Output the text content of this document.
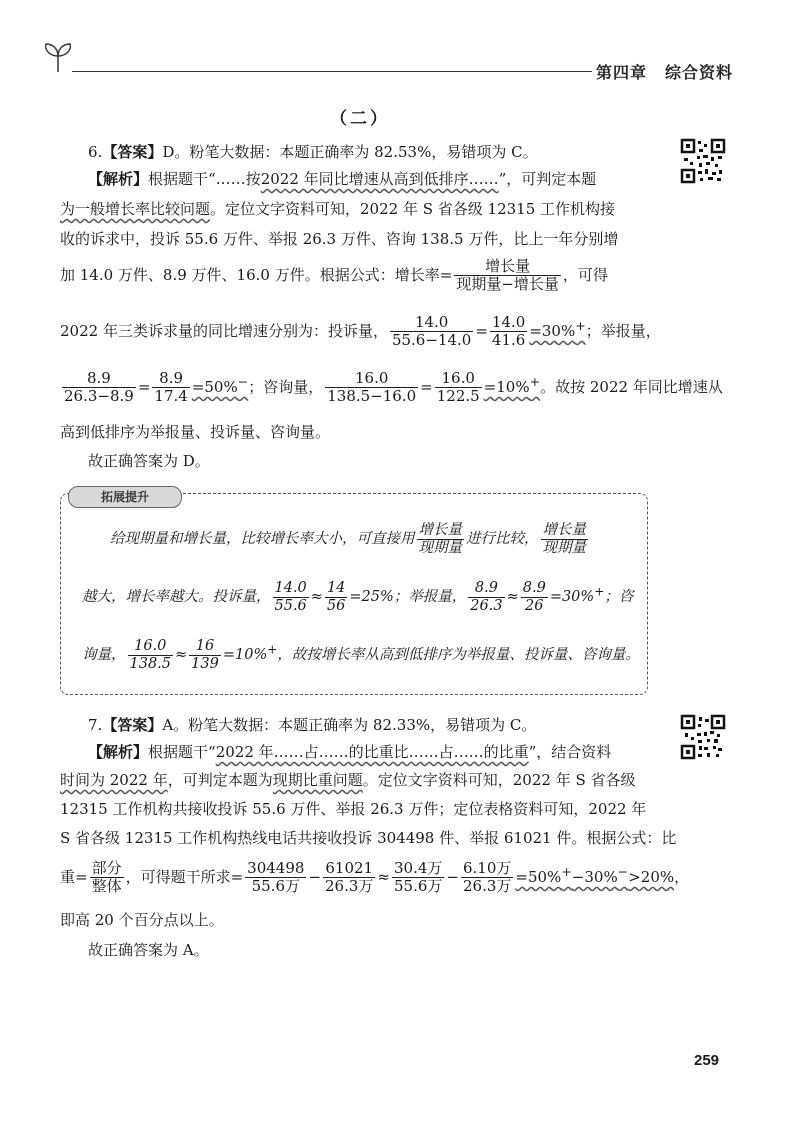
第四章 综合资料
（二）
6.【答案】D。粉笔大数据：本题正确率为 82.53%，易错项为 C。
【解析】根据题干“……按2022 年同比增速从高到低排序……”，可判定本题
为一般增长率比较问题。定位文字资料可知，2022 年 S 省各级 12315 工作机构接
收的诉求中，投诉 55.6 万件、举报 26.3 万件、咨询 138.5 万件，比上一年分别增
加 14.0 万件、8.9 万件、16.0 万件。根据公式：增长率= $\frac{\text{增长量}}{\text{现期量−增长量}}$ ，可得
2022 年三类诉求量的同比增速分别为：投诉量， $\frac{14.0}{55.6-14.0} = \frac{14.0}{41.6} =30\%^+$；举报量，
$\frac{8.9}{26.3-8.9} = \frac{8.9}{17.4} =50\%^-$；咨询量， $\frac{16.0}{138.5-16.0} = \frac{16.0}{122.5} =10\%^+$。故按 2022 年同比增速从
高到低排序为举报量、投诉量、咨询量。
故正确答案为 D。
拓展提升
给现期量和增长量，比较增长率大小，可直接用 $\frac{\text{增长量}}{\text{现期量}}$ 进行比较， $\frac{\text{增长量}}{\text{现期量}}$
越大，增长率越大。投诉量， $\frac{14.0}{55.6} \approx \frac{14}{56} =25\%$；举报量， $\frac{8.9}{26.3} \approx \frac{8.9}{26} =30\%^+$；咨
询量， $\frac{16.0}{138.5} \approx \frac{16}{139} =10\%^+$，故按增长率从高到低排序为举报量、投诉量、咨询量。
7.【答案】A。粉笔大数据：本题正确率为 82.33%，易错项为 C。
【解析】根据题干“2022 年……占……的比重比……占……的比重”，结合资料
时间为 2022 年，可判定本题为现期比重问题。定位文字资料可知，2022 年 S 省各级
12315 工作机构共接收投诉 55.6 万件、举报 26.3 万件；定位表格资料可知，2022 年
S 省各级 12315 工作机构热线电话共接收投诉 304498 件、举报 61021 件。根据公式：比
重= $\frac{\text{部分}}{\text{整体}}$ ，可得题干所求= $\frac{304498}{\text{55.6万}} - \frac{61021}{\text{26.3万}} \approx \frac{\text{30.4万}}{\text{55.6万}} - \frac{\text{6.10万}}{\text{26.3万}} =50\%^+-30\%^->20\%$，
即高 20 个百分点以上。
故正确答案为 A。
259
